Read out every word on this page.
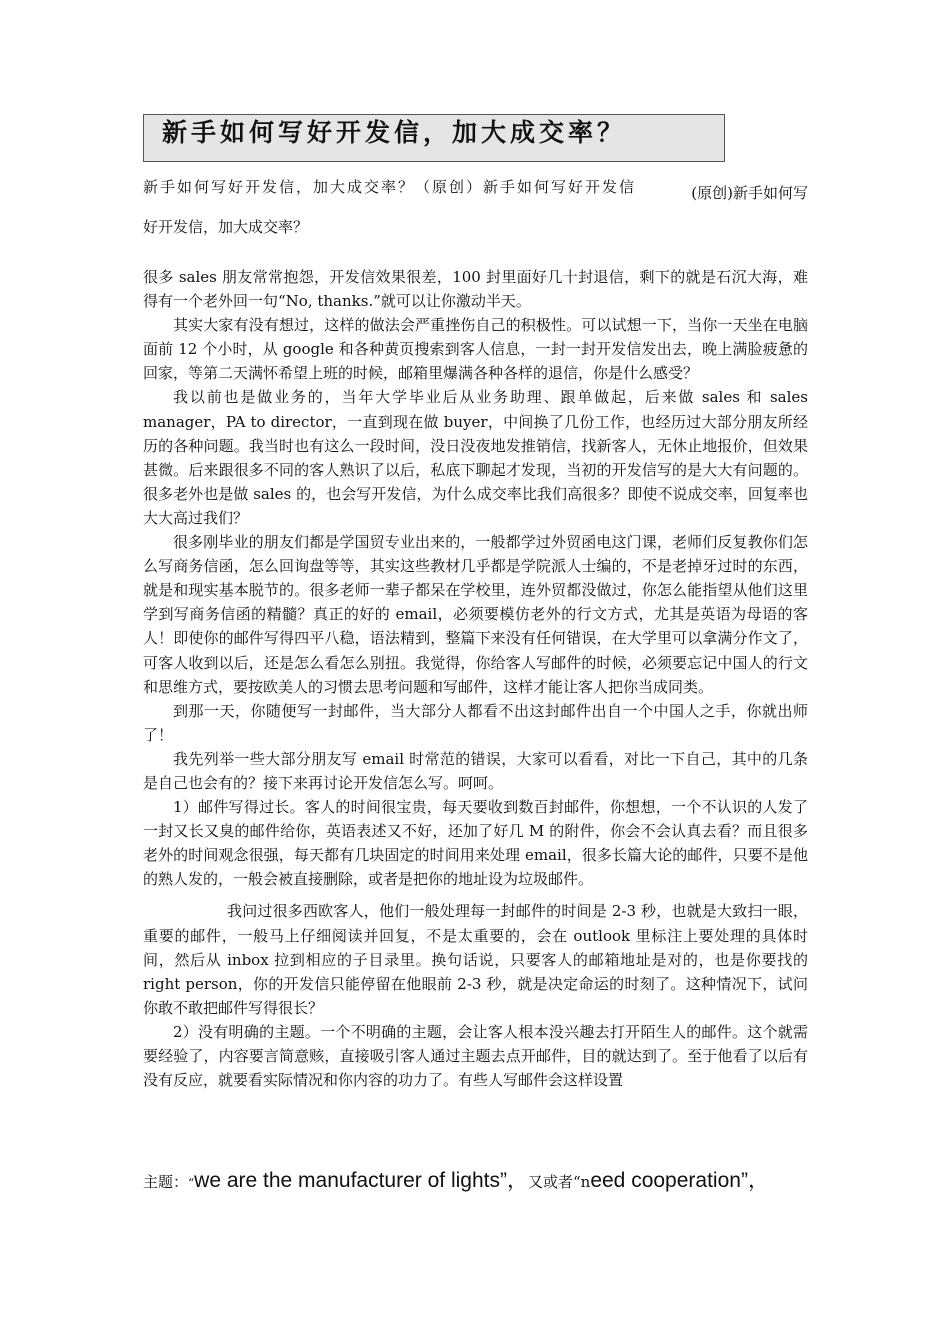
新手如何写好开发信，加大成交率？
新手如何写好开发信，加大成交率？（原创）新手如何写好开发信	(原创)新手如何写
好开发信，加大成交率？

很多 sales 朋友常常抱怨，开发信效果很差，100 封里面好几十封退信，剩下的就是石沉大海，难得有一个老外回一句“No, thanks.”就可以让你激动半天。

其实大家有没有想过，这样的做法会严重挫伤自己的积极性。可以试想一下，当你一天坐在电脑面前 12 个小时，从 google 和各种黄页搜索到客人信息，一封一封开发信发出去，晚上满脸疲惫的回家，等第二天满怀希望上班的时候，邮箱里爆满各种各样的退信，你是什么感受？

我以前也是做业务的，当年大学毕业后从业务助理、跟单做起，后来做 sales 和 sales manager，PA to director，一直到现在做 buyer，中间换了几份工作，也经历过大部分朋友所经历的各种问题。我当时也有这么一段时间，没日没夜地发推销信，找新客人，无休止地报价，但效果甚微。后来跟很多不同的客人熟识了以后，私底下聊起才发现，当初的开发信写的是大大有问题的。很多老外也是做 sales 的，也会写开发信，为什么成交率比我们高很多？即使不说成交率，回复率也大大高过我们？

很多刚毕业的朋友们都是学国贸专业出来的，一般都学过外贸函电这门课，老师们反复教你们怎么写商务信函，怎么回询盘等等，其实这些教材几乎都是学院派人士编的，不是老掉牙过时的东西，就是和现实基本脱节的。很多老师一辈子都呆在学校里，连外贸都没做过，你怎么能指望从他们这里学到写商务信函的精髓？真正的好的 email，必须要模仿老外的行文方式，尤其是英语为母语的客人！即使你的邮件写得四平八稳，语法精到，整篇下来没有任何错误，在大学里可以拿满分作文了，可客人收到以后，还是怎么看怎么别扭。我觉得，你给客人写邮件的时候，必须要忘记中国人的行文和思维方式，要按欧美人的习惯去思考问题和写邮件，这样才能让客人把你当成同类。

到那一天，你随便写一封邮件，当大部分人都看不出这封邮件出自一个中国人之手，你就出师了！

我先列举一些大部分朋友写 email 时常范的错误，大家可以看看，对比一下自己，其中的几条是自己也会有的？接下来再讨论开发信怎么写。呵呵。

1）邮件写得过长。客人的时间很宝贵，每天要收到数百封邮件，你想想，一个不认识的人发了一封又长又臭的邮件给你，英语表述又不好，还加了好几 M 的附件，你会不会认真去看？而且很多老外的时间观念很强，每天都有几块固定的时间用来处理 email，很多长篇大论的邮件，只要不是他的熟人发的，一般会被直接删除，或者是把你的地址设为垃圾邮件。

我问过很多西欧客人，他们一般处理每一封邮件的时间是 2-3 秒，也就是大致扫一眼，重要的邮件，一般马上仔细阅读并回复，不是太重要的，会在 outlook 里标注上要处理的具体时间，然后从 inbox 拉到相应的子目录里。换句话说，只要客人的邮箱地址是对的，也是你要找的 right person，你的开发信只能停留在他眼前 2-3 秒，就是决定命运的时刻了。这种情况下，试问你敢不敢把邮件写得很长？

2）没有明确的主题。一个不明确的主题，会让客人根本没兴趣去打开陌生人的邮件。这个就需要经验了，内容要言简意赅，直接吸引客人通过主题去点开邮件，目的就达到了。至于他看了以后有没有反应，就要看实际情况和你内容的功力了。有些人写邮件会这样设置

主题：“we are the manufacturer of lights”，又或者“need cooperation”，
